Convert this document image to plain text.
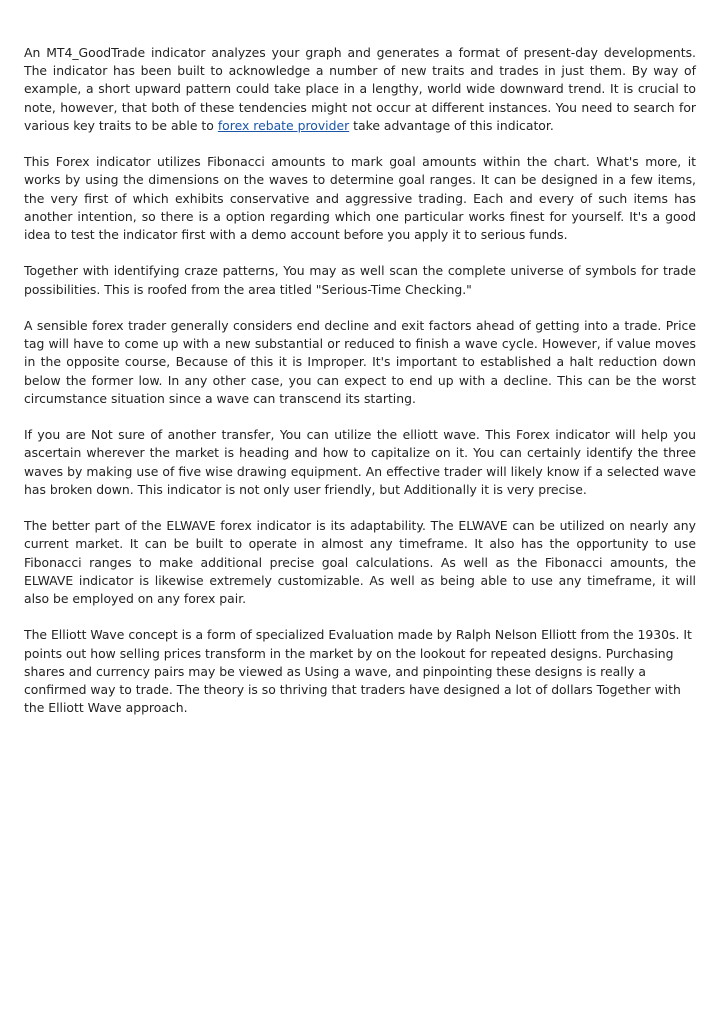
An MT4_GoodTrade indicator analyzes your graph and generates a format of present-day developments. The indicator has been built to acknowledge a number of new traits and trades in just them. By way of example, a short upward pattern could take place in a lengthy, world wide downward trend. It is crucial to note, however, that both of these tendencies might not occur at different instances. You need to search for various key traits to be able to forex rebate provider take advantage of this indicator.

This Forex indicator utilizes Fibonacci amounts to mark goal amounts within the chart. What's more, it works by using the dimensions on the waves to determine goal ranges. It can be designed in a few items, the very first of which exhibits conservative and aggressive trading. Each and every of such items has another intention, so there is a option regarding which one particular works finest for yourself. It's a good idea to test the indicator first with a demo account before you apply it to serious funds.

Together with identifying craze patterns, You may as well scan the complete universe of symbols for trade possibilities. This is roofed from the area titled "Serious-Time Checking."

A sensible forex trader generally considers end decline and exit factors ahead of getting into a trade. Price tag will have to come up with a new substantial or reduced to finish a wave cycle. However, if value moves in the opposite course, Because of this it is Improper. It's important to established a halt reduction down below the former low. In any other case, you can expect to end up with a decline. This can be the worst circumstance situation since a wave can transcend its starting.

If you are Not sure of another transfer, You can utilize the elliott wave. This Forex indicator will help you ascertain wherever the market is heading and how to capitalize on it. You can certainly identify the three waves by making use of five wise drawing equipment. An effective trader will likely know if a selected wave has broken down. This indicator is not only user friendly, but Additionally it is very precise.

The better part of the ELWAVE forex indicator is its adaptability. The ELWAVE can be utilized on nearly any current market. It can be built to operate in almost any timeframe. It also has the opportunity to use Fibonacci ranges to make additional precise goal calculations. As well as the Fibonacci amounts, the ELWAVE indicator is likewise extremely customizable. As well as being able to use any timeframe, it will also be employed on any forex pair.

The Elliott Wave concept is a form of specialized Evaluation made by Ralph Nelson Elliott from the 1930s. It points out how selling prices transform in the market by on the lookout for repeated designs. Purchasing shares and currency pairs may be viewed as Using a wave, and pinpointing these designs is really a confirmed way to trade. The theory is so thriving that traders have designed a lot of dollars Together with the Elliott Wave approach.
